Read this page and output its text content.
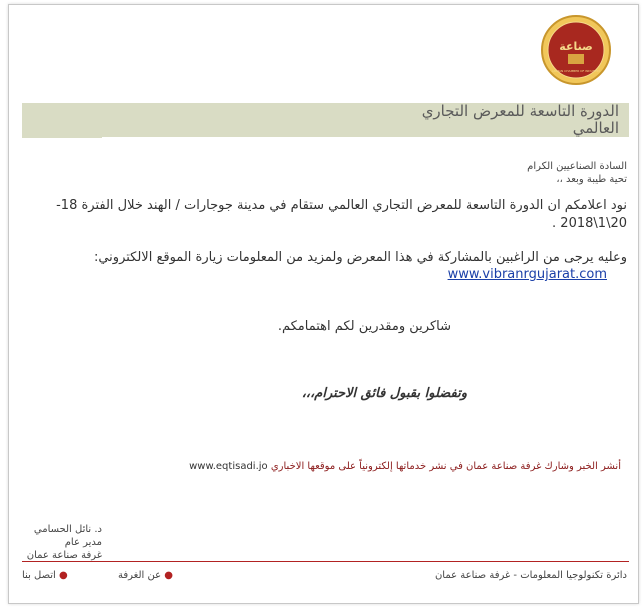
صناعة
AMMAN CHAMBER OF INDUSTRY
الدورة التاسعة للمعرض التجاري
العالمي
السادة الصناعيين الكرام
تحية طيبة وبعد ،،
نود اعلامكم ان الدورة التاسعة للمعرض التجاري العالمي ستقام في مدينة جوجارات / الهند خلال الفترة 18-20\1\2018 .
وعليه يرجى من الراغبين بالمشاركة في هذا المعرض ولمزيد من المعلومات زيارة الموقع الالكتروني:
www.vibranrgujarat.com
شاكرين ومقدرين لكم اهتمامكم.
وتفضلوا بقبول فائق الاحترام،،،
أنشر الخبر وشارك غرفة صناعة عمان في نشر خدماتها إلكترونياً على موقعها الاخباري www.eqtisadi.jo
د. نائل الحسامي
مدير عام
غرفة صناعة عمان
دائرة تكنولوجيا المعلومات - غرفة صناعة عمان
● عن الغرفة
● اتصل بنا
